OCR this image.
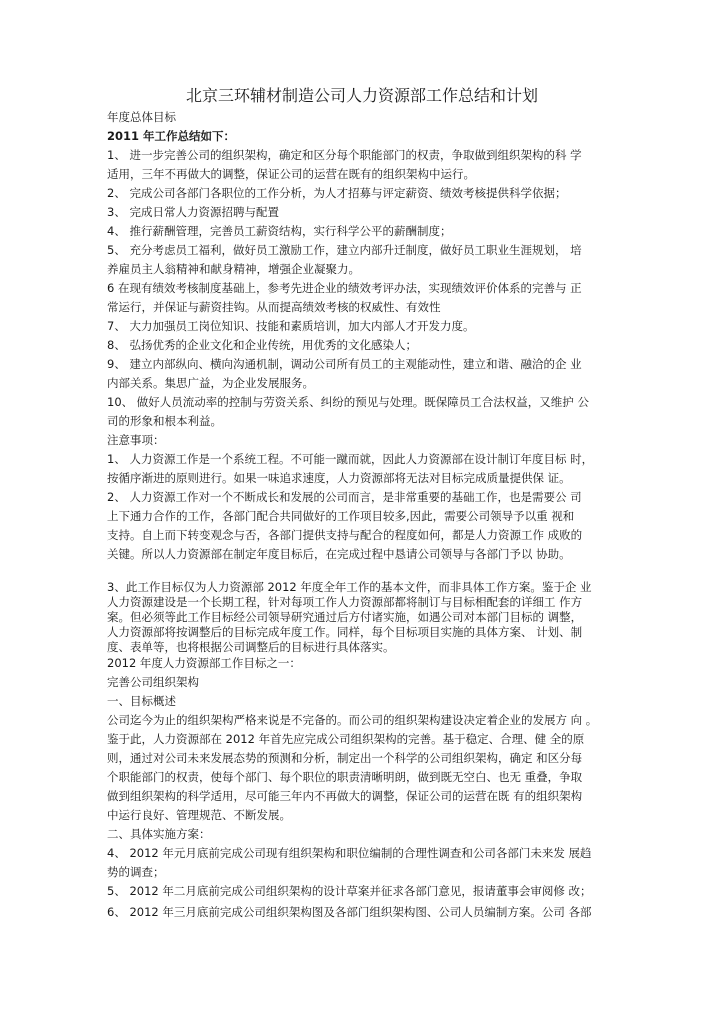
北京三环辅材制造公司人力资源部工作总结和计划
年度总体目标
2011 年工作总结如下：
1、 进一步完善公司的组织架构，确定和区分每个职能部门的权责，争取做到组织架构的科 学
适用，三年不再做大的调整，保证公司的运营在既有的组织架构中运行。
2、 完成公司各部门各职位的工作分析，为人才招募与评定薪资、绩效考核提供科学依据；
3、 完成日常人力资源招聘与配置
4、 推行薪酬管理，完善员工薪资结构，实行科学公平的薪酬制度；
5、 充分考虑员工福利，做好员工激励工作，建立内部升迁制度，做好员工职业生涯规划， 培
养雇员主人翁精神和献身精神，增强企业凝聚力。
6 在现有绩效考核制度基础上，参考先进企业的绩效考评办法，实现绩效评价体系的完善与 正
常运行，并保证与薪资挂钩。从而提高绩效考核的权威性、有效性
7、 大力加强员工岗位知识、技能和素质培训，加大内部人才开发力度。
8、 弘扬优秀的企业文化和企业传统，用优秀的文化感染人；
9、 建立内部纵向、横向沟通机制，调动公司所有员工的主观能动性，建立和谐、融洽的企 业
内部关系。集思广益，为企业发展服务。
10、 做好人员流动率的控制与劳资关系、纠纷的预见与处理。既保障员工合法权益，又维护 公
司的形象和根本利益。
注意事项：
1、 人力资源工作是一个系统工程。不可能一蹴而就，因此人力资源部在设计制订年度目标 时，
按循序渐进的原则进行。如果一味追求速度，人力资源部将无法对目标完成质量提供保 证。
2、 人力资源工作对一个不断成长和发展的公司而言，是非常重要的基础工作，也是需要公 司
上下通力合作的工作，各部门配合共同做好的工作项目较多,因此，需要公司领导予以重 视和
支持。自上而下转变观念与否，各部门提供支持与配合的程度如何，都是人力资源工作 成败的
关键。所以人力资源部在制定年度目标后，在完成过程中恳请公司领导与各部门予以 协助。
3、此工作目标仅为人力资源部 2012 年度全年工作的基本文件，而非具体工作方案。鉴于企 业
人力资源建设是一个长期工程，针对每项工作人力资源部都将制订与目标相配套的详细工 作方
案。但必须等此工作目标经公司领导研究通过后方付诸实施，如遇公司对本部门目标的 调整，
人力资源部将按调整后的目标完成年度工作。同样，每个目标项目实施的具体方案、 计划、制
度、表单等，也将根据公司调整后的目标进行具体落实。
2012 年度人力资源部工作目标之一：
完善公司组织架构
一、目标概述
公司迄今为止的组织架构严格来说是不完备的。而公司的组织架构建设决定着企业的发展方 向 。
鉴于此，人力资源部在 2012 年首先应完成公司组织架构的完善。基于稳定、合理、健 全的原
则，通过对公司未来发展态势的预测和分析，制定出一个科学的公司组织架构，确定 和区分每
个职能部门的权责，使每个部门、每个职位的职责清晰明朗，做到既无空白、也无 重叠，争取
做到组织架构的科学适用，尽可能三年内不再做大的调整，保证公司的运营在既 有的组织架构
中运行良好、管理规范、不断发展。
二、具体实施方案：
4、 2012 年元月底前完成公司现有组织架构和职位编制的合理性调查和公司各部门未来发 展趋
势的调查；
5、 2012 年二月底前完成公司组织架构的设计草案并征求各部门意见，报请董事会审阅修 改；
6、 2012 年三月底前完成公司组织架构图及各部门组织架构图、公司人员编制方案。公司 各部
